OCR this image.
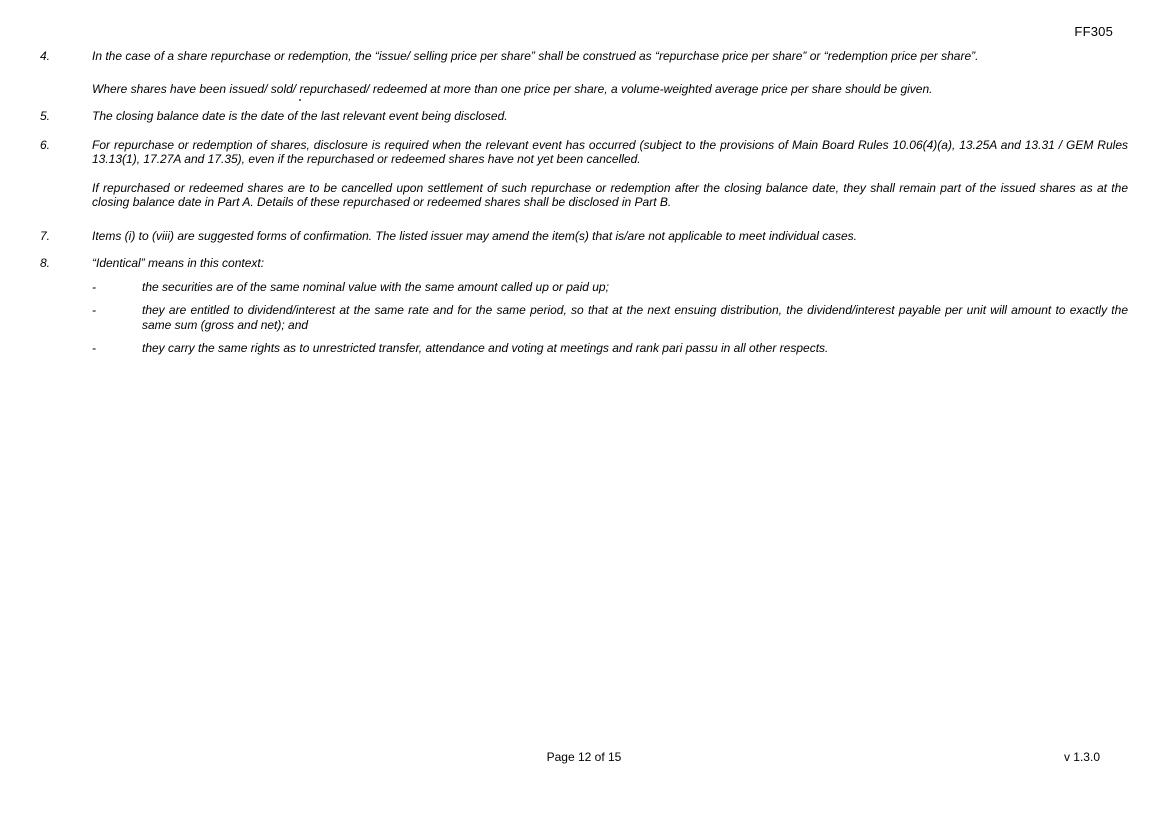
FF305
4.	In the case of a share repurchase or redemption, the “issue/ selling price per share” shall be construed as “repurchase price per share” or “redemption price per share”.

Where shares have been issued/ sold/ repurchased/ redeemed at more than one price per share, a volume-weighted average price per share should be given.

5.	The closing balance date is the date of the last relevant event being disclosed.

6.	For repurchase or redemption of shares, disclosure is required when the relevant event has occurred (subject to the provisions of Main Board Rules 10.06(4)(a), 13.25A and 13.31 / GEM Rules 13.13(1), 17.27A and 17.35), even if the repurchased or redeemed shares have not yet been cancelled.

If repurchased or redeemed shares are to be cancelled upon settlement of such repurchase or redemption after the closing balance date, they shall remain part of the issued shares as at the closing balance date in Part A. Details of these repurchased or redeemed shares shall be disclosed in Part B.

7.	Items (i) to (viii) are suggested forms of confirmation. The listed issuer may amend the item(s) that is/are not applicable to meet individual cases.

8.	“Identical” means in this context:

-	the securities are of the same nominal value with the same amount called up or paid up;

-	they are entitled to dividend/interest at the same rate and for the same period, so that at the next ensuing distribution, the dividend/interest payable per unit will amount to exactly the same sum (gross and net); and

-	they carry the same rights as to unrestricted transfer, attendance and voting at meetings and rank pari passu in all other respects.

Page 12 of 15	v 1.3.0
